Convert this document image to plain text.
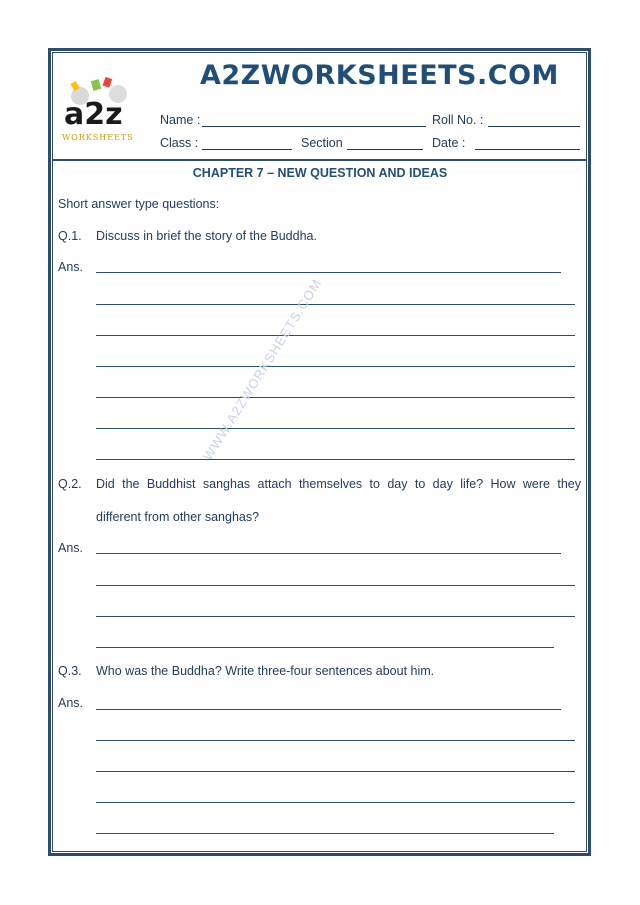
a2z
WORKSHEETS
A2ZWORKSHEETS.COM
Name :	Roll No. :
Class :	Section	Date :
CHAPTER 7 – NEW QUESTION AND IDEAS
Short answer type questions:
Q.1. Discuss in brief the story of the Buddha.
Ans.
Q.2. Did the Buddhist sanghas attach themselves to day to day life? How were they
different from other sanghas?
Ans.
Q.3. Who was the Buddha? Write three-four sentences about him.
Ans.
WWW.A2ZWORKSHEETS.COM
